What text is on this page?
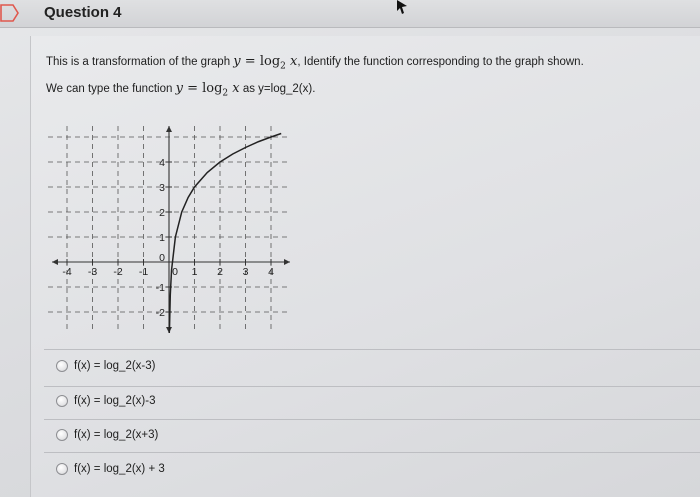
Question 4
This is a transformation of the graph $y = \log_2 x$, Identify the function corresponding to the graph shown.
We can type the function $y = \log_2 x$ as y=log_2(x).
-4 -3 -2 -1 0 1 2 3 4
4
3
2
1
0
-1
-2
f(x) = log_2(x-3)
f(x) = log_2(x)-3
f(x) = log_2(x+3)
f(x) = log_2(x) + 3
